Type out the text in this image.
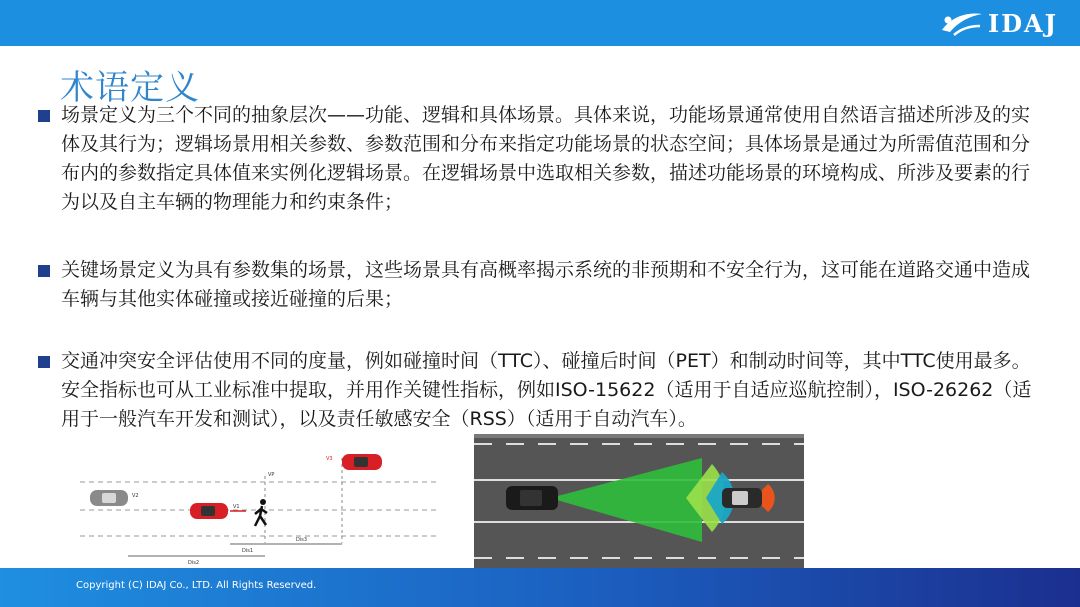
IDAJ
术语定义
场景定义为三个不同的抽象层次——功能、逻辑和具体场景。具体来说，功能场景通常使用自然语言描述所涉及的实体及其行为；逻辑场景用相关参数、参数范围和分布来指定功能场景的状态空间；具体场景是通过为所需值范围和分布内的参数指定具体值来实例化逻辑场景。在逻辑场景中选取相关参数，描述功能场景的环境构成、所涉及要素的行为以及自主车辆的物理能力和约束条件；
关键场景定义为具有参数集的场景，这些场景具有高概率揭示系统的非预期和不安全行为，这可能在道路交通中造成车辆与其他实体碰撞或接近碰撞的后果；
交通冲突安全评估使用不同的度量，例如碰撞时间（TTC）、碰撞后时间（PET）和制动时间等，其中TTC使用最多。安全指标也可从工业标准中提取，并用作关键性指标，例如ISO-15622（适用于自适应巡航控制），ISO-26262（适用于一般汽车开发和测试），以及责任敏感安全（RSS）（适用于自动汽车）。
V2
V1
VP
V3
Dis1
Dis3
Dis2
Copyright (C) IDAJ Co., LTD. All Rights Reserved.
